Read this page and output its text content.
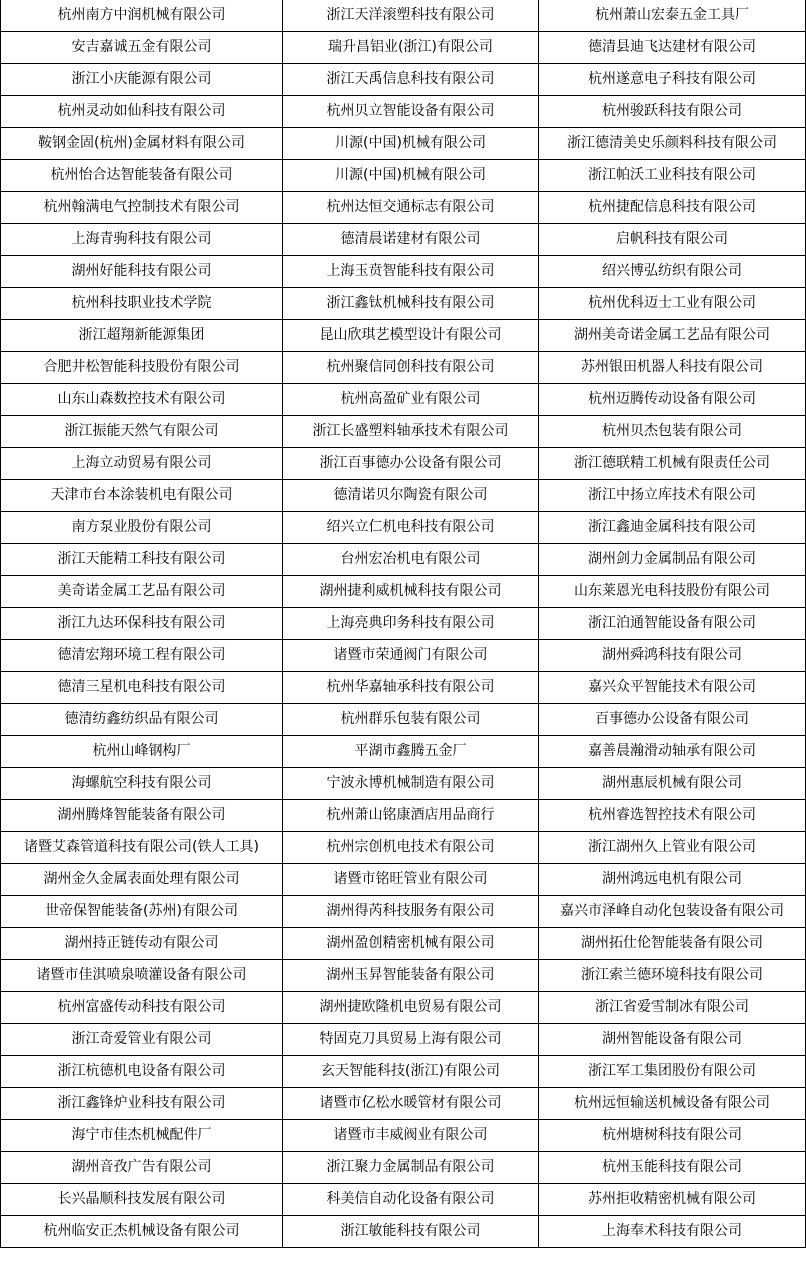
杭州南方中润机械有限公司	浙江天洋滚塑科技有限公司	杭州萧山宏泰五金工具厂
安吉嘉诚五金有限公司	瑞升昌铝业(浙江)有限公司	德清县迪飞达建材有限公司
浙江小庆能源有限公司	浙江天禹信息科技有限公司	杭州遂意电子科技有限公司
杭州灵动如仙科技有限公司	杭州贝立智能设备有限公司	杭州骏跃科技有限公司
鞍钢金固(杭州)金属材料有限公司	川源(中国)机械有限公司	浙江德清美史乐颜料科技有限公司
杭州怡合达智能装备有限公司	川源(中国)机械有限公司	浙江帕沃工业科技有限公司
杭州翰满电气控制技术有限公司	杭州达恒交通标志有限公司	杭州捷配信息科技有限公司
上海青驹科技有限公司	德清晨诺建材有限公司	启帆科技有限公司
湖州好能科技有限公司	上海玉贲智能科技有限公司	绍兴博弘纺织有限公司
杭州科技职业技术学院	浙江鑫钛机械科技有限公司	杭州优科迈士工业有限公司
浙江超翔新能源集团	昆山欣琪艺模型设计有限公司	湖州美奇诺金属工艺品有限公司
合肥井松智能科技股份有限公司	杭州聚信同创科技有限公司	苏州银田机器人科技有限公司
山东山森数控技术有限公司	杭州高盈矿业有限公司	杭州迈腾传动设备有限公司
浙江振能天然气有限公司	浙江长盛塑料轴承技术有限公司	杭州贝杰包装有限公司
上海立动贸易有限公司	浙江百事德办公设备有限公司	浙江德联精工机械有限责任公司
天津市台本涂装机电有限公司	德清诺贝尔陶瓷有限公司	浙江中扬立库技术有限公司
南方泵业股份有限公司	绍兴立仁机电科技有限公司	浙江鑫迪金属科技有限公司
浙江天能精工科技有限公司	台州宏冶机电有限公司	湖州剑力金属制品有限公司
美奇诺金属工艺品有限公司	湖州捷利威机械科技有限公司	山东莱恩光电科技股份有限公司
浙江九达环保科技有限公司	上海亮典印务科技有限公司	浙江泊通智能设备有限公司
德清宏翔环境工程有限公司	诸暨市荣通阀门有限公司	湖州舜鸿科技有限公司
德清三星机电科技有限公司	杭州华嘉轴承科技有限公司	嘉兴众平智能技术有限公司
德清纺鑫纺织品有限公司	杭州群乐包装有限公司	百事德办公设备有限公司
杭州山峰钢构厂	平湖市鑫腾五金厂	嘉善晨瀚滑动轴承有限公司
海螺航空科技有限公司	宁波永博机械制造有限公司	湖州惠辰机械有限公司
湖州腾烽智能装备有限公司	杭州萧山铭康酒店用品商行	杭州睿选智控技术有限公司
诸暨艾森管道科技有限公司(铁人工具)	杭州宗创机电技术有限公司	浙江湖州久上管业有限公司
湖州金久金属表面处理有限公司	诸暨市铭旺管业有限公司	湖州鸿远电机有限公司
世帝保智能装备(苏州)有限公司	湖州得芮科技服务有限公司	嘉兴市泽峰自动化包装设备有限公司
湖州持正链传动有限公司	湖州盈创精密机械有限公司	湖州拓仕伦智能装备有限公司
诸暨市佳淇喷泉喷灌设备有限公司	湖州玉昇智能装备有限公司	浙江索兰德环境科技有限公司
杭州富盛传动科技有限公司	湖州捷欧隆机电贸易有限公司	浙江省爱雪制冰有限公司
浙江奇爱管业有限公司	特固克刀具贸易上海有限公司	湖州智能设备有限公司
浙江杭德机电设备有限公司	玄天智能科技(浙江)有限公司	浙江军工集团股份有限公司
浙江鑫锋炉业科技有限公司	诸暨市亿松水暖管材有限公司	杭州远恒输送机械设备有限公司
海宁市佳杰机械配件厂	诸暨市丰威阀业有限公司	杭州塘树科技有限公司
湖州音孜广告有限公司	浙江聚力金属制品有限公司	杭州玉能科技有限公司
长兴晶顺科技发展有限公司	科美信自动化设备有限公司	苏州拒收精密机械有限公司
杭州临安正杰机械设备有限公司	浙江敏能科技有限公司	上海奉术科技有限公司
